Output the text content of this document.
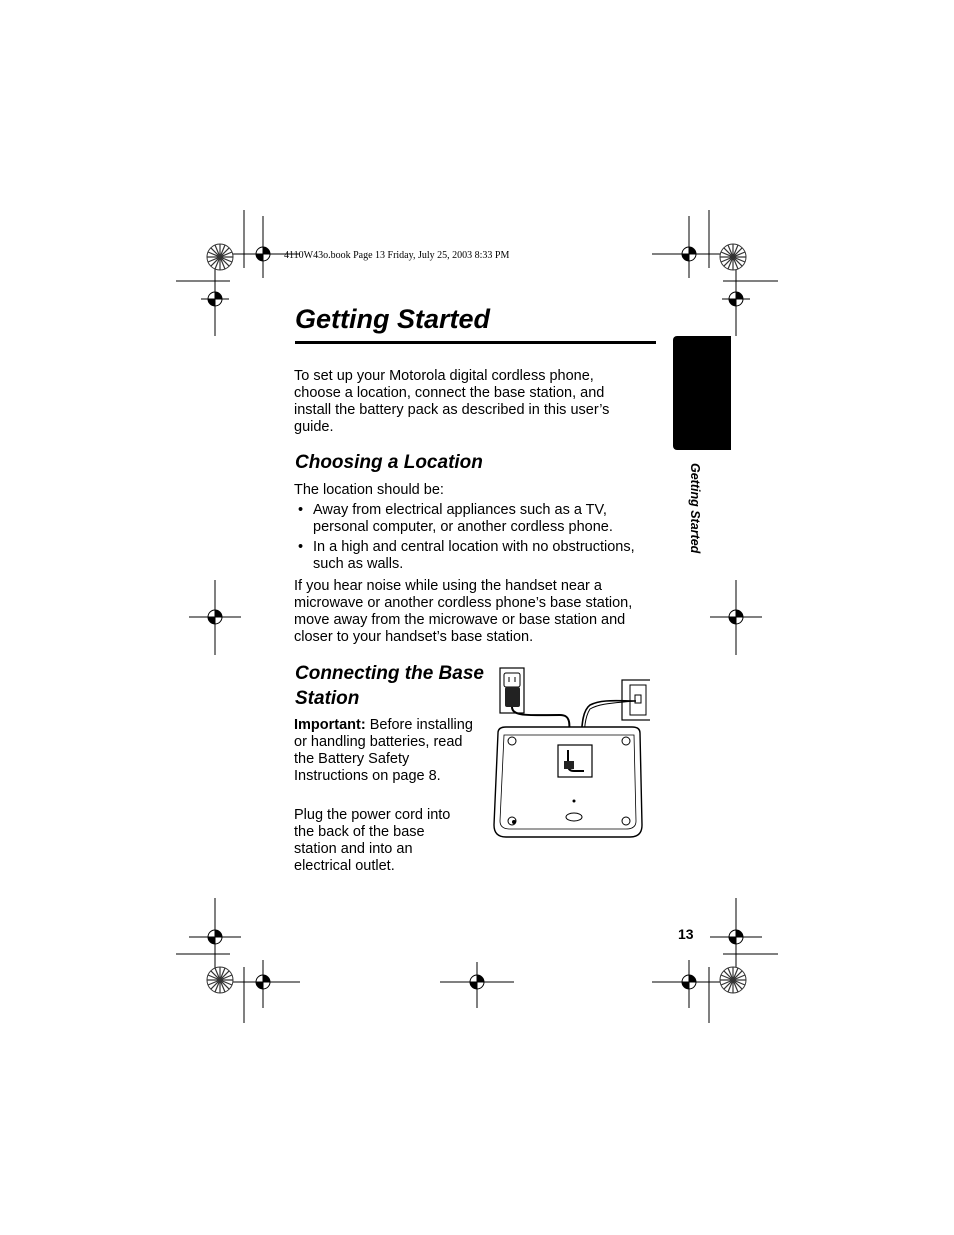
4110W43o.book Page 13 Friday, July 25, 2003 8:33 PM
Getting Started
To set up your Motorola digital cordless phone, choose a location, connect the base station, and install the battery pack as described in this user’s guide.
Choosing a Location
The location should be:
• Away from electrical appliances such as a TV, personal computer, or another cordless phone.
• In a high and central location with no obstructions, such as walls.
If you hear noise while using the handset near a microwave or another cordless phone’s base station, move away from the microwave or base station and closer to your handset’s base station.
Connecting the Base Station
Important: Before installing or handling batteries, read the Battery Safety Instructions on page 8.
Plug the power cord into the back of the base station and into an electrical outlet.
Getting Started
13
